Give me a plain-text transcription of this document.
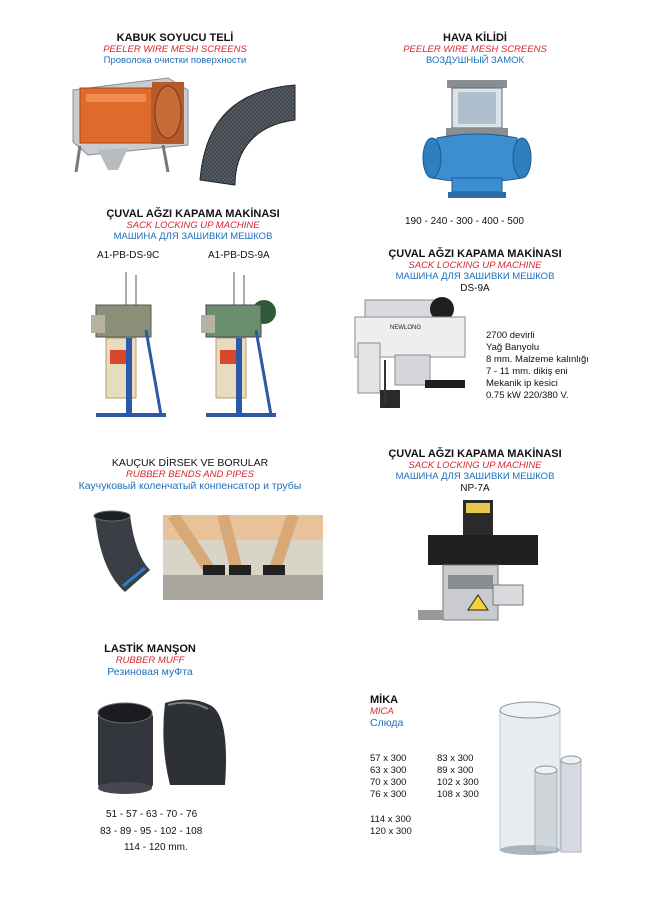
KABUK SOYUCU TELİ
PEELER WIRE MESH SCREENS
Проволока очистки поверхности
HAVA KİLİDİ
PEELER WIRE MESH SCREENS
ВОЗДУШНЫЙ ЗАМОК
190 - 240 - 300 - 400 - 500
ÇUVAL AĞZI KAPAMA MAKİNASI
SACK LOCKING UP MACHINE
МАШИНА ДЛЯ ЗАШИВКИ МЕШКОВ
A1-PB-DS-9C	A1-PB-DS-9A	ÇUVAL AĞZI KAPAMA MAKİNASI
SACK LOCKING UP MACHINE
МАШИНА ДЛЯ ЗАШИВКИ МЕШКОВ
DS-9A
NEWLONG
2700 devirli
Yağ Banyolu
8 mm. Malzeme kalınlığı
7 - 11 mm. dikiş eni
Mekanik ip kesici
0.75 kW 220/380 V.
KAUÇUK DİRSEK VE BORULAR
RUBBER BENDS AND PIPES
Каучуковый коленчатый конпенсатор и трубы
ÇUVAL AĞZI KAPAMA MAKİNASI
SACK LOCKING UP MACHINE
МАШИНА ДЛЯ ЗАШИВКИ МЕШКОВ
NP-7A
LASTİK MANŞON
RUBBER MUFF
Резиновая муФта
51 - 57 - 63 - 70 - 76
83 - 89 - 95 - 102 - 108
114 - 120 mm.
MİKA
MICA
Слюда
57 x 300
63 x 300
70 x 300
76 x 300
83 x 300
89 x 300
102 x 300
108 x 300
114 x 300
120 x 300
